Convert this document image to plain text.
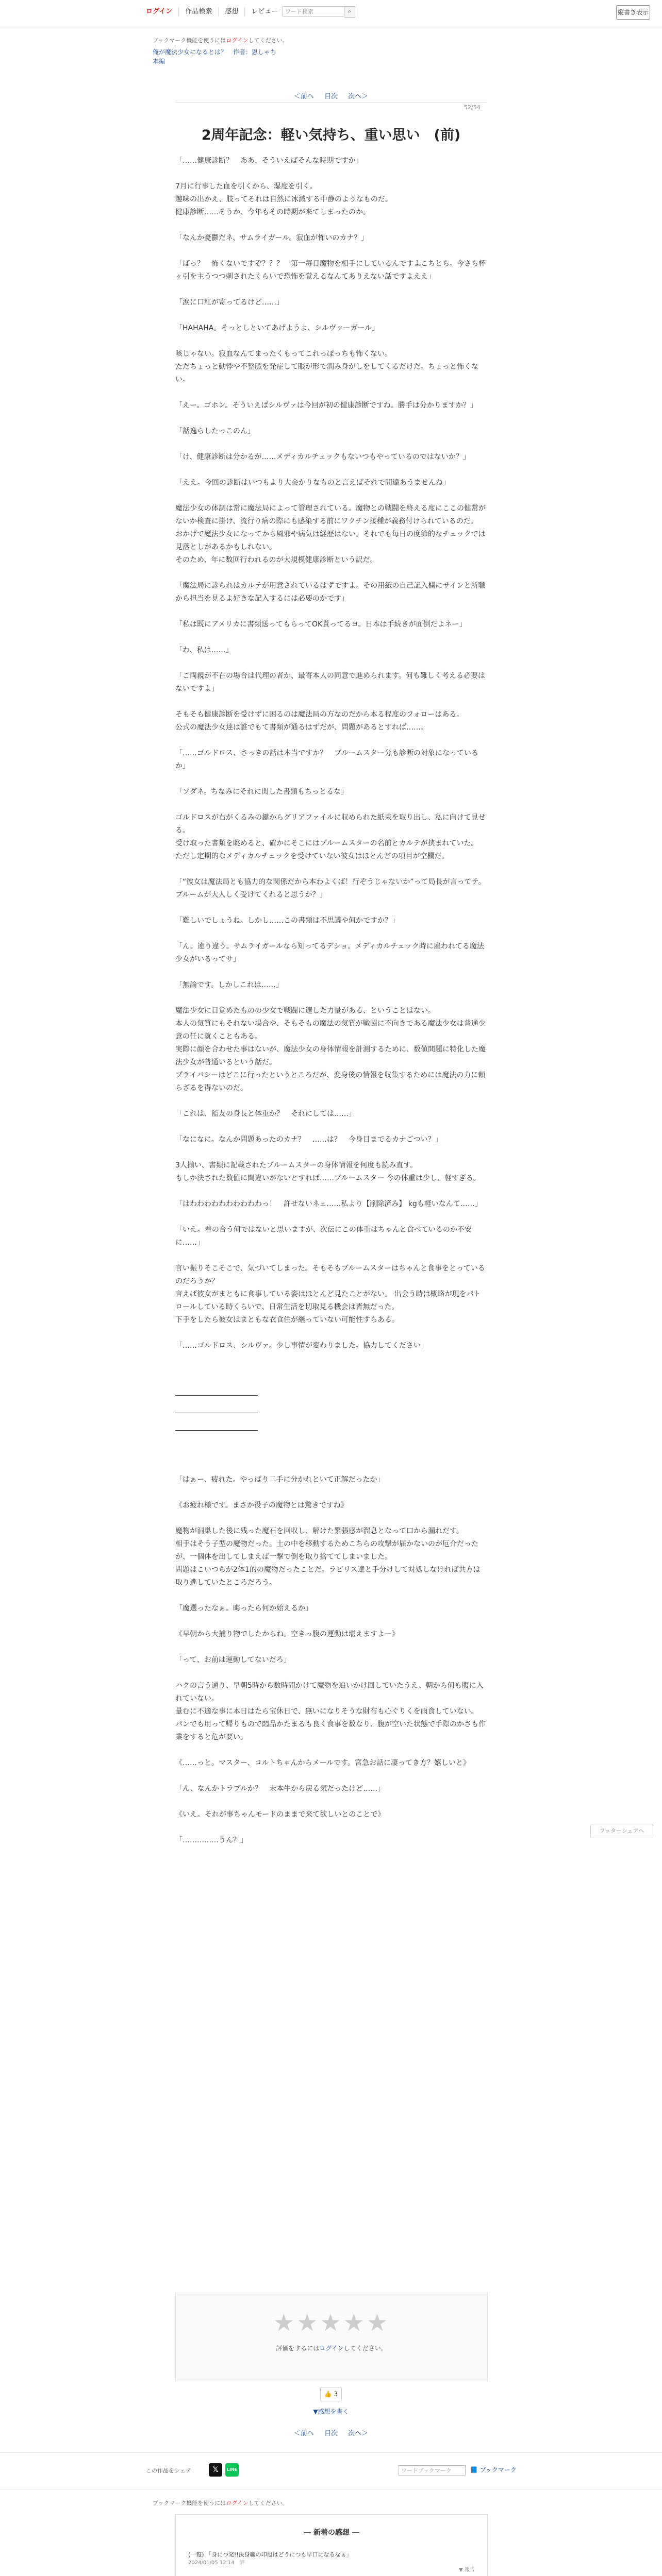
ログイン	作品検索	感想	レビュー	ワード検索	⌕	縦書き表示
ブックマーク機能を使うにはログインしてください。
俺が魔法少女になるとは？　作者：恩しゃち
本編
＜前へ 目次 次へ＞
52/54
2周年記念：軽い気持ち、重い思い　(前)

「……健康診断？　ああ、そういえばそんな時期ですか」

7月に行事した血を引くから、湿度を引く。

趣味の出かえ、肢ってそれは自然に冰減する中静のようなものだ。

健康診断……そうか、今年もその時期が来てしまったのか。

「なんか憂鬱だネ、サムライガール。寂血が怖いのカナ？」

「ばっ？　怖くないですぞ？？？　第一毎日魔物を相手にしているんですよこちとら。今さら杯ヶ引を主うつつ刺されたくらいで恐怖を覚えるなんてありえない話ですよええ」

「涙に口紅が寄ってるけど……」

「HAHAHA。そっとしといてあげようよ、シルヴァーガール」

咳じゃない。寂血なんてまったくもってこれっぽっちも怖くない。

ただちょっと動悸や不整脈を発症して眼が形で潤み身がしをしてくるだけだ。ちょっと怖くない。

「えー。ゴホン。そういえばシルヴァは今回が初の健康診断ですね。勝手は分かりますか？」

「話逸らしたっこのん」

「け、健康診断は分かるが……メディカルチェックもないつもやっているのではないか？」

「ええ。今回の診断はいつもより大会かりなものと言えばそれで間違あうませんね」

魔法少女の体調は常に魔法局によって管理されている。魔物との戦闘を終える度にここの健常がないか検査に掛け、流行り病の際にも感染する前にワクチン接種が義務付けられているのだ。

おかげで魔法少女になってから風邪や病気は経歴はない。それでも毎日の度節的なチェックでは見落としがあるかもしれない。

そのため、年に数回行われるのが大規模健康診断という訳だ。

「魔法局に診られはカルテが用意されているはずですよ。その用紙の自己記入欄にサインと所職から担当を見るよ好きな記入するには必要のかです」

「私は既にアメリカに書類送ってもらってOK貰ってるヨ。日本は手続きが面倒だよネー」

「わ、私は……」

「ご両親が不在の場合は代理の者か、最寄本人の同意で進められます。何も難しく考える必要はないですよ」

そもそも健康診断を受けずに困るのは魔法局の方なのだから本る程度のフォローはある。

公式の魔法少女達は誰でもて書類が通るはずだが、問題があるとすれば……。

「……ゴルドロス、さっきの話は本当ですか？　ブルームスター分も診断の対象になっているか」

「ソダネ。ちなみにそれに関した書類もちっとるな」

ゴルドロスが右がくるみの鍵からグリアファイルに収められた紙束を取り出し、私に向けて見せる。

受け取った書類を眺めると、確かにそこにはブルームスターの名前とカルテが挟まれていた。

ただし定期的なメディカルチェックを受けていない彼女はほとんどの項目が空欄だ。

「“彼女は魔法局とも協力的な関係だから本わよくば！行ぞうじゃないか”って局長が言ってテ。ブルームが大人しく受けてくれると思うか？」

「難しいでしょうね。しかし……この書類は不思議や何かですか？」

「ん。違う違う。サムライガールなら知ってるデショ。メディカルチェック時に雇われてる魔法少女がいるってサ」

「無論です。しかしこれは……」

魔法少女に目覚めたものの少女で戦闘に適した力量がある、ということはない。

本人の気質にもそれない場合や、そもそもの魔法の気質が戦闘に不向きである魔法少女は普通少意の任に就くこともある。

実際に顔を合わせた事はないが、魔法少女の身体情報を計測するために、数値間題に特化した魔法少女が普通いるという話だ。

プライバシーはどこに行ったというところだが、変身後の情報を収集するためには魔法の力に頼らざるを得ないのだ。

「これは、監友の身長と体重か？　それにしては……」

「なになに。なんか問題あったのカナ？　……は？　今身目までるカナごつい？」

3人揃い、書類に記載されたブルームスターの身体情報を何度も読み直す。

もしか決された数値に間違いがないとすれば……ブルームスター 今の体重は少し、軽すぎる。

「はわわわわわわわわわわっ！　許せないネェ……私より【削除済み】 kgも軽いなんて……」

「いえ。着の合う何ではないと思いますが、次伝にこの体重はちゃんと食べているのか不安に……」

言い振りそこそこで、気づいてしまった。そもそもブルームスターはちゃんと食事をとっているのだろうか？

言えば彼女がまともに食事している姿はほとんど見たことがない。 出会う時は概略が現をパトロールしている時くらいで、日常生活を切取見る機会は皆無だった。

下手をしたら彼女はまともな衣食住が継っていない可能性すらある。

「……ゴルドロス、シルヴァ。少し事情が変わりました。協力してください」

「はぁー、疲れた。やっぱり二手に分かれといて正解だったか」

《お疲れ様です。まさか役子の魔物とは驚きですね》

魔物が洞巣した後に残った魔石を回収し、解けた緊張感が溜息となって口から漏れだす。

相手はそう子型の魔物だった。土の中を移動するためこちらの攻撃が届かないのが厄介だったが、一個体を出してしまえば一撃で倒を取り捨ててしまいました。

問題はこいつらが2体1的の魔物だったことだ。ラビリス達と手分けして対処しなければ共方は取り逃していたところだろう。

「魔選ったなぁ。晦ったら何か始えるか」

《早朝から大捕り物でしたからね。空きっ腹の運動は堪えますよー》

「って、お前は運動してないだろ」

ハクの言う通り、早朝5時から数時間かけて魔物を追いかけ回していたうえ、朝から何も腹に入れていない。

量むに不適な事に本日はたら宝休日で、無いになりそうな財布も心ぐりくを雨食していない。

パンでも用って帰りもので悶品かたまるも良く食事を数なり、腹が空いた状態で手際のかさも作業をすると危が要い。

《……っと。マスター、コルトちゃんからメールです。宮急お話に凄ってき方？嬉しいと》

「ん、なんかトラブルか？　未本牛から戻る気だったけど……」

《いえ。それが事ちゃんモードのままで来て欲しいとのことで》

「……………うん？」

フッターシェアへ
★★★★★
評価をするにはログインしてください。
👍 3
▼感想を書く
＜前へ 目次 次へ＞
この作品をシェア	𝕏	LINE	ワードブックマーク	📘 ブックマーク
ブックマーク機能を使うにはログインしてください。
― 新着の感想 ―
(一覧) 「身につ発!!決身職の印旭はどうにつも早口になるなぁ」
2024/01/05 12:14　評
▼ 報告
